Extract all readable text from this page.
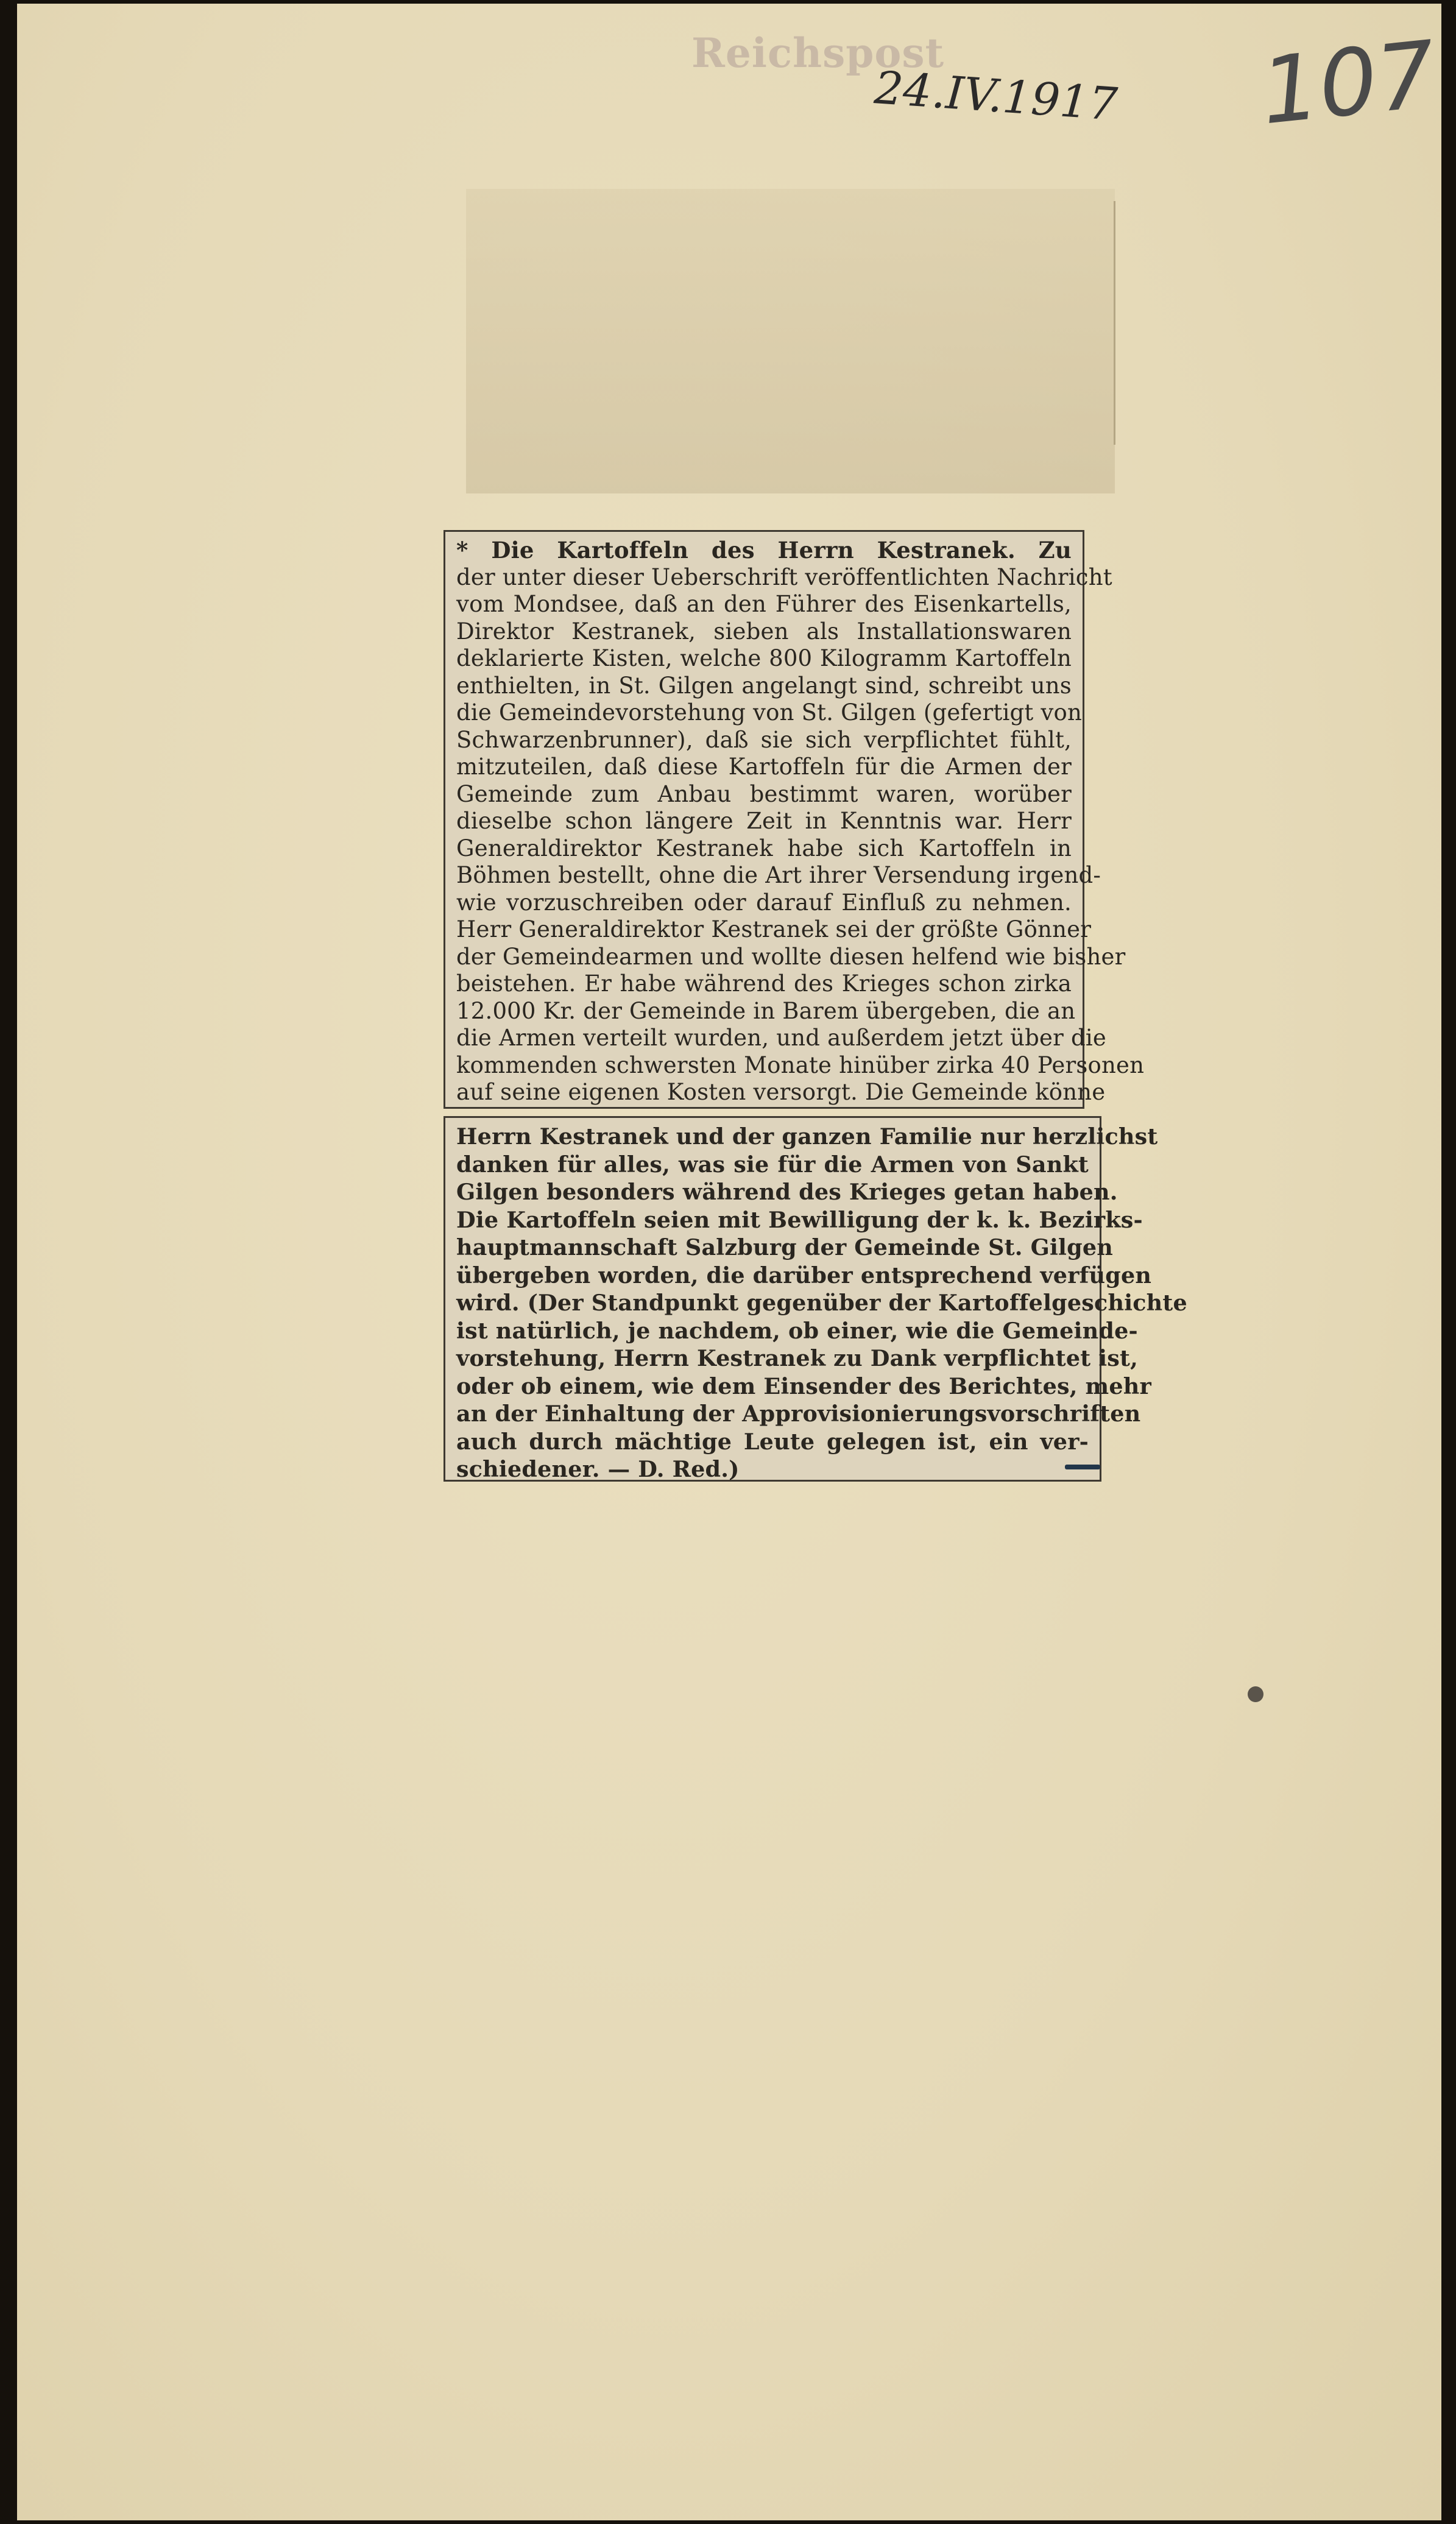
Reichspost
24.IV.1917 107
* Die Kartoffeln des Herrn Kestranek. Zu
der unter dieser Ueberschrift veröffentlichten Nachricht
vom Mondsee, daß an den Führer des Eisenkartells,
Direktor Kestranek, sieben als Installationswaren
deklarierte Kisten, welche 800 Kilogramm Kartoffeln
enthielten, in St. Gilgen angelangt sind, schreibt uns
die Gemeindevorstehung von St. Gilgen (gefertigt von
Schwarzenbrunner), daß sie sich verpflichtet fühlt,
mitzuteilen, daß diese Kartoffeln für die Armen der
Gemeinde zum Anbau bestimmt waren, worüber
dieselbe schon längere Zeit in Kenntnis war. Herr
Generaldirektor Kestranek habe sich Kartoffeln in
Böhmen bestellt, ohne die Art ihrer Versendung irgend-
wie vorzuschreiben oder darauf Einfluß zu nehmen.
Herr Generaldirektor Kestranek sei der größte Gönner
der Gemeindearmen und wollte diesen helfend wie bisher
beistehen. Er habe während des Krieges schon zirka
12.000 Kr. der Gemeinde in Barem übergeben, die an
die Armen verteilt wurden, und außerdem jetzt über die
kommenden schwersten Monate hinüber zirka 40 Personen
auf seine eigenen Kosten versorgt. Die Gemeinde könne
Herrn Kestranek und der ganzen Familie nur herzlichst
danken für alles, was sie für die Armen von Sankt
Gilgen besonders während des Krieges getan haben.
Die Kartoffeln seien mit Bewilligung der k. k. Bezirks-
hauptmannschaft Salzburg der Gemeinde St. Gilgen
übergeben worden, die darüber entsprechend verfügen
wird. (Der Standpunkt gegenüber der Kartoffelgeschichte
ist natürlich, je nachdem, ob einer, wie die Gemeinde-
vorstehung, Herrn Kestranek zu Dank verpflichtet ist,
oder ob einem, wie dem Einsender des Berichtes, mehr
an der Einhaltung der Approvisionierungsvorschriften
auch durch mächtige Leute gelegen ist, ein ver-
schiedener. — D. Red.)
